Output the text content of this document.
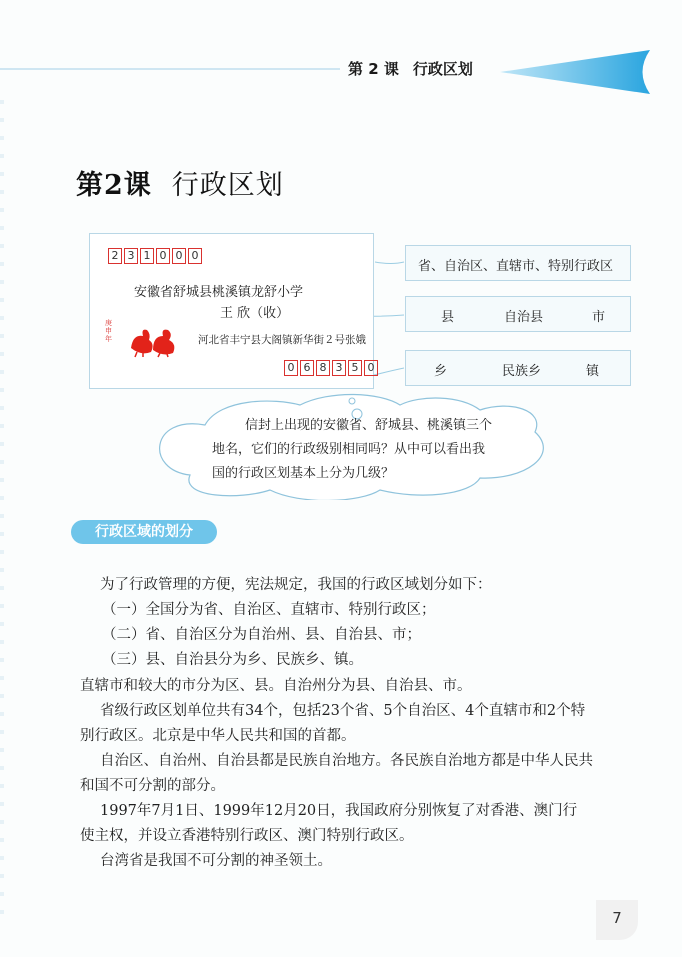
第 2 课 行政区划
第2课 行政区划
2 3 1 0 0 0
安徽省舒城县桃溪镇龙舒小学
王 欣（收）
庚申年	河北省丰宁县大阁镇新华街２号张娥
0 6 8 3 5 0
省、自治区、直辖市、特别行政区
县	自治县	市
乡	民族乡	镇
信封上出现的安徽省、舒城县、桃溪镇三个
地名，它们的行政级别相同吗？从中可以看出我
国的行政区划基本上分为几级？
行政区域的划分
为了行政管理的方便，宪法规定，我国的行政区域划分如下：
（一）全国分为省、自治区、直辖市、特别行政区；
（二）省、自治区分为自治州、县、自治县、市；
（三）县、自治县分为乡、民族乡、镇。
直辖市和较大的市分为区、县。自治州分为县、自治县、市。
省级行政区划单位共有34个，包括23个省、5个自治区、4个直辖市和2个特
别行政区。北京是中华人民共和国的首都。
自治区、自治州、自治县都是民族自治地方。各民族自治地方都是中华人民共
和国不可分割的部分。
1997年7月1日、1999年12月20日，我国政府分别恢复了对香港、澳门行
使主权，并设立香港特别行政区、澳门特别行政区。
台湾省是我国不可分割的神圣领土。
7
